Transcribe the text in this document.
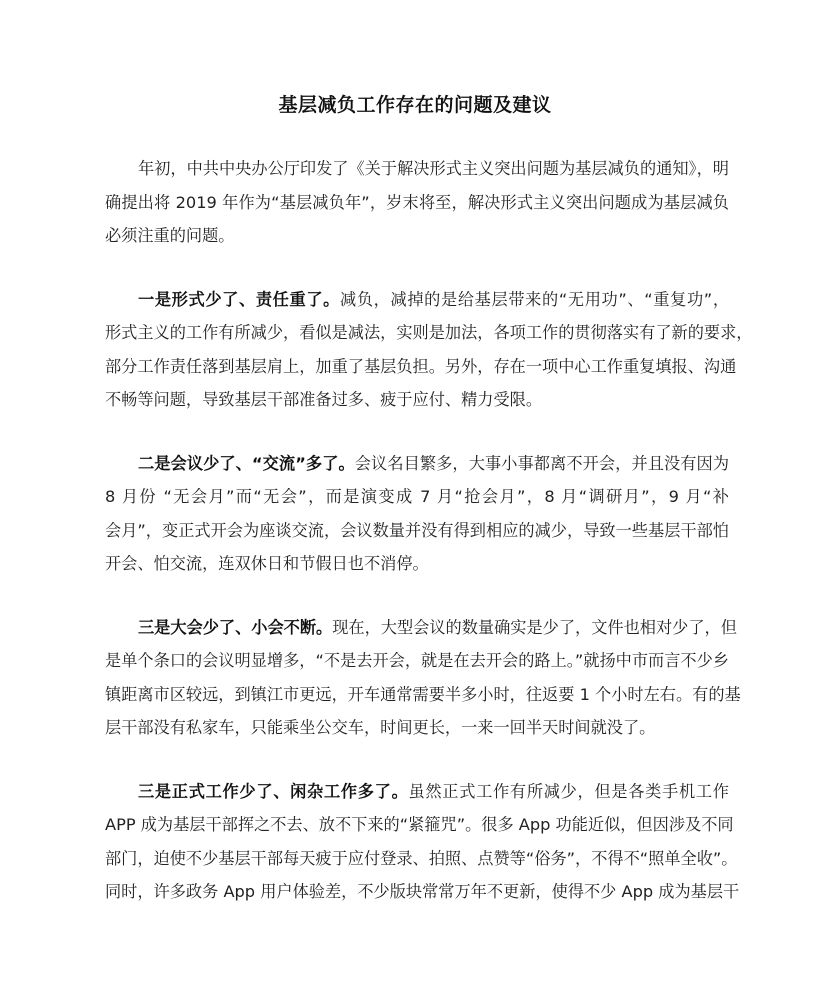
基层减负工作存在的问题及建议
年初，中共中央办公厅印发了《关于解决形式主义突出问题为基层减负的通知》，明
确提出将 2019 年作为“基层减负年”，岁末将至，解决形式主义突出问题成为基层减负
必须注重的问题。
一是形式少了、责任重了。减负，减掉的是给基层带来的“无用功”、“重复功”，
形式主义的工作有所减少，看似是减法，实则是加法，各项工作的贯彻落实有了新的要求，
部分工作责任落到基层肩上，加重了基层负担。另外，存在一项中心工作重复填报、沟通
不畅等问题，导致基层干部准备过多、疲于应付、精力受限。
二是会议少了、“交流”多了。会议名目繁多，大事小事都离不开会，并且没有因为
8 月份 “无会月”而“无会”，而是演变成 7 月“抢会月”，8 月“调研月”，9 月“补
会月”，变正式开会为座谈交流，会议数量并没有得到相应的减少，导致一些基层干部怕
开会、怕交流，连双休日和节假日也不消停。
三是大会少了、小会不断。现在，大型会议的数量确实是少了，文件也相对少了，但
是单个条口的会议明显增多，“不是去开会，就是在去开会的路上。”就扬中市而言不少乡
镇距离市区较远，到镇江市更远，开车通常需要半多小时，往返要 1 个小时左右。有的基
层干部没有私家车，只能乘坐公交车，时间更长，一来一回半天时间就没了。
三是正式工作少了、闲杂工作多了。虽然正式工作有所减少，但是各类手机工作
APP 成为基层干部挥之不去、放不下来的“紧箍咒”。很多 App 功能近似，但因涉及不同
部门，迫使不少基层干部每天疲于应付登录、拍照、点赞等“俗务”，不得不“照单全收”。
同时，许多政务 App 用户体验差，不少版块常常万年不更新，使得不少 App 成为基层干
